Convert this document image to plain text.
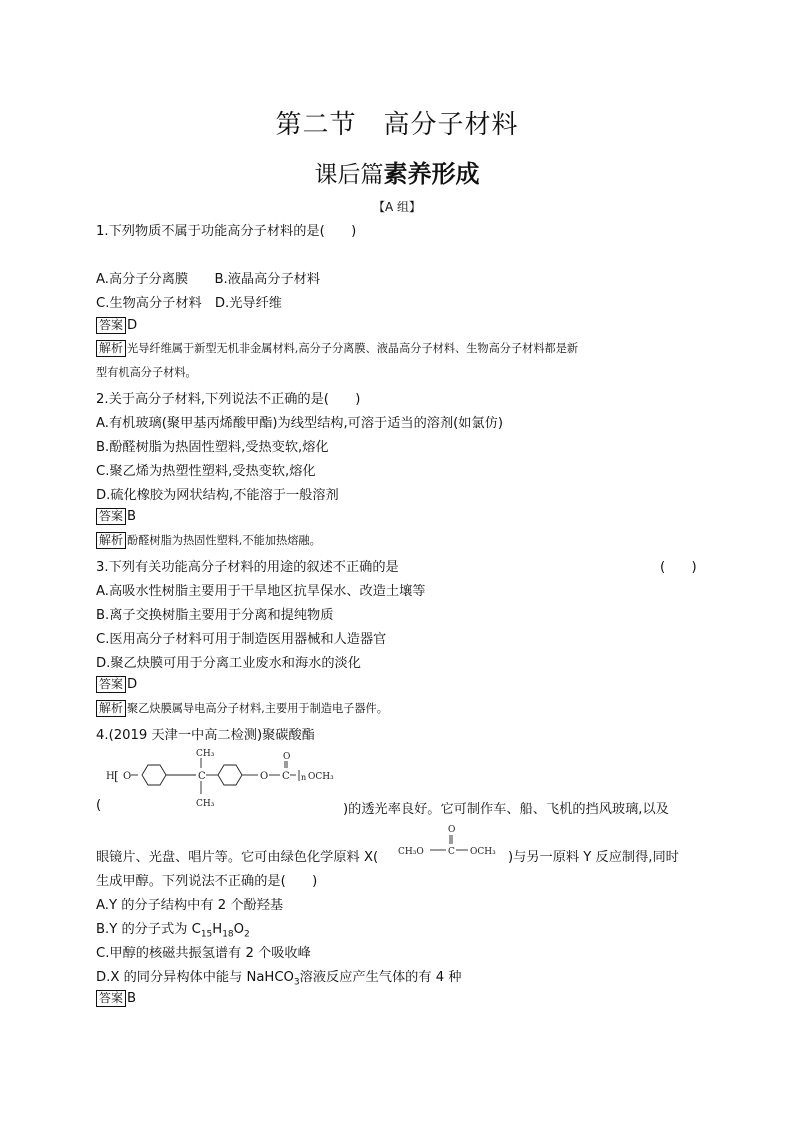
第二节　高分子材料
课后篇素养形成
【A 组】
1.下列物质不属于功能高分子材料的是(　　)
A.高分子分离膜　　B.液晶高分子材料
C.生物高分子材料　D.光导纤维
答案 D
解析 光导纤维属于新型无机非金属材料,高分子分离膜、液晶高分子材料、生物高分子材料都是新
型有机高分子材料。
2.关于高分子材料,下列说法不正确的是(　　)
A.有机玻璃(聚甲基丙烯酸甲酯)为线型结构,可溶于适当的溶剂(如氯仿)
B.酚醛树脂为热固性塑料,受热变软,熔化
C.聚乙烯为热塑性塑料,受热变软,熔化
D.硫化橡胶为网状结构,不能溶于一般溶剂
答案 B
解析 酚醛树脂为热固性塑料,不能加热熔融。
3.下列有关功能高分子材料的用途的叙述不正确的是	(　　)
A.高吸水性树脂主要用于干旱地区抗旱保水、改造土壤等
B.离子交换树脂主要用于分离和提纯物质
C.医用高分子材料可用于制造医用器械和人造器官
D.聚乙炔膜可用于分离工业废水和海水的淡化
答案 D
解析 聚乙炔膜属导电高分子材料,主要用于制造电子器件。
4.(2019 天津一中高二检测)聚碳酸酯
H [ O
CH₃
C
CH₃
O
O
C n OCH₃
(	)的透光率良好。它可制作车、船、飞机的挡风玻璃,以及
眼镜片、光盘、唱片等。它可由绿色化学原料 X( CH₃O
O
C OCH₃ )与另一原料 Y 反应制得,同时
生成甲醇。下列说法不正确的是(　　)
A.Y 的分子结构中有 2 个酚羟基
B.Y 的分子式为 $C_{15}H_{18}O_2$
C.甲醇的核磁共振氢谱有 2 个吸收峰
D.X 的同分异构体中能与 NaHCO$_3$溶液反应产生气体的有 4 种
答案 B
